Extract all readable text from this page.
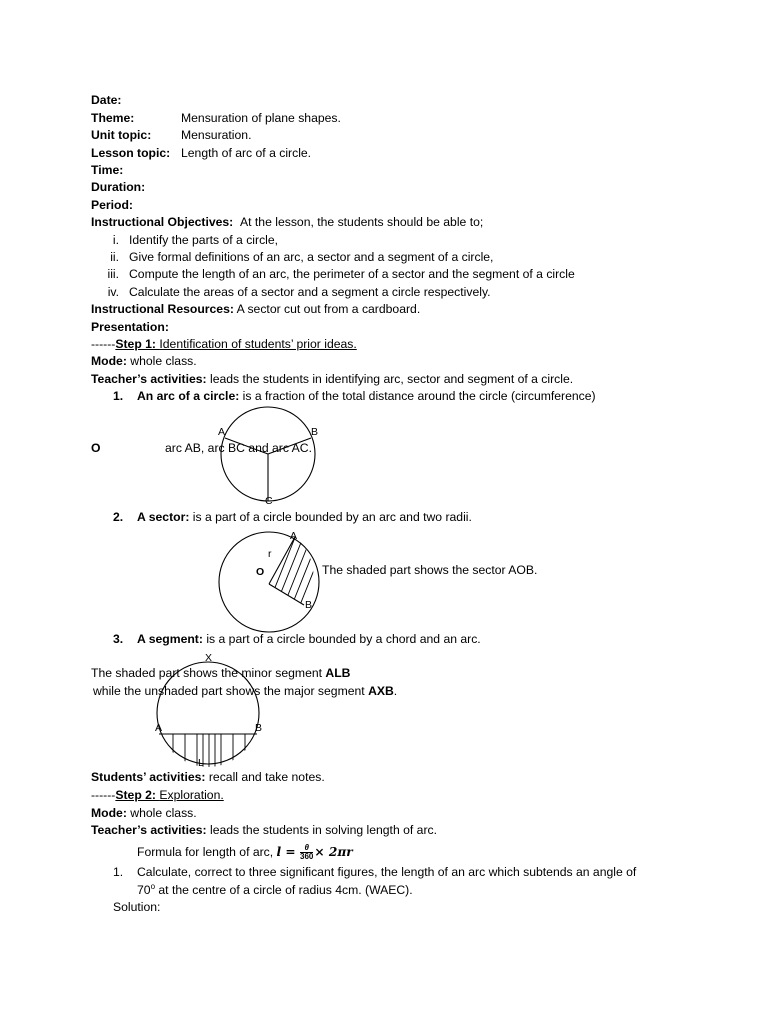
Date:
Theme:	Mensuration of plane shapes.
Unit topic: Mensuration.
Lesson topic: Length of arc of a circle.
Time:
Duration:
Period:
Instructional Objectives: At the lesson, the students should be able to;
i. Identify the parts of a circle,
ii. Give formal definitions of an arc, a sector and a segment of a circle,
iii. Compute the length of an arc, the perimeter of a sector and the segment of a circle
iv. Calculate the areas of a sector and a segment a circle respectively.
Instructional Resources: A sector cut out from a cardboard.
Presentation:
------Step 1: Identification of students’ prior ideas.
Mode: whole class.
Teacher’s activities: leads the students in identifying arc, sector and segment of a circle.
1. An arc of a circle: is a fraction of the total distance around the circle (circumference)
O	arc AB, arc BC and arc AC.
2. A sector: is a part of a circle bounded by an arc and two radii.
The shaded part shows the sector AOB.
3. A segment: is a part of a circle bounded by a chord and an arc.
The shaded part shows the minor segment ALB
while the unshaded part shows the major segment AXB.
Students’ activities: recall and take notes.
------Step 2: Exploration.
Mode: whole class.
Teacher’s activities: leads the students in solving length of arc.
Formula for length of arc, $l = \frac{\theta}{360} \times 2\pi r$
1. Calculate, correct to three significant figures, the length of an arc which subtends an angle of
70$^o$ at the centre of a circle of radius 4cm. (WAEC).
Solution:
A	B
C
O
r
A
B
X
A	B
L
